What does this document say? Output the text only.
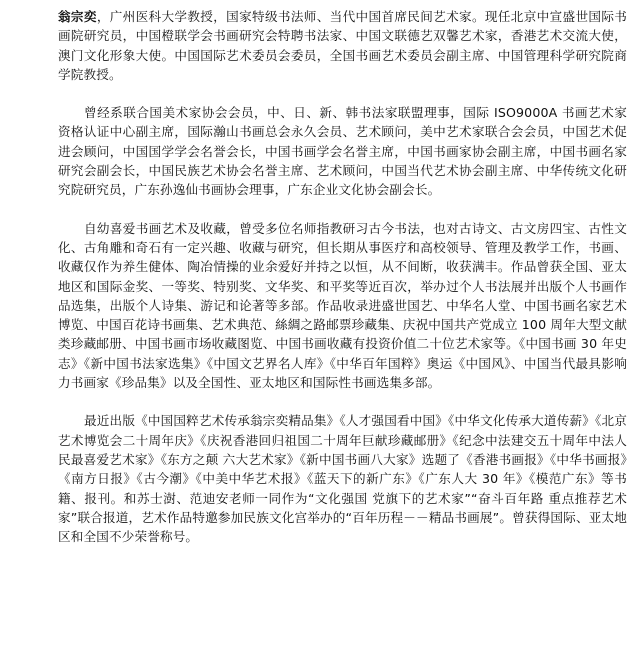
翁宗奕，广州医科大学教授，国家特级书法师、当代中国首席民间艺术家。现任北京中宣盛世国际书画院研究员，中国橙联学会书画研究会特聘书法家、中国文联德艺双馨艺术家，香港艺术交流大使，澳门文化形象大使。中国国际艺术委员会委员，全国书画艺术委员会副主席、中国管理科学研究院商学院教授。

曾经系联合国美术家协会会员，中、日、新、韩书法家联盟理事，国际 ISO9000A 书画艺术家资格认证中心副主席，国际瀚山书画总会永久会员、艺术顾问，美中艺术家联合会会员，中国艺术促进会顾问，中国国学学会名誉会长，中国书画学会名誉主席，中国书画家协会副主席，中国书画名家研究会副会长，中国民族艺术协会名誉主席、艺术顾问，中国当代艺术协会副主席、中华传统文化研究院研究员，广东孙逸仙书画协会理事，广东企业文化协会副会长。

自幼喜爱书画艺术及收藏，曾受多位名师指教研习古今书法，也对古诗文、古文房四宝、古性文化、古角雕和奇石有一定兴趣、收藏与研究，但长期从事医疗和高校领导、管理及教学工作，书画、收藏仅作为养生健体、陶冶情操的业余爱好并持之以恒，从不间断，收获满丰。作品曾获全国、亚太地区和国际金奖、一等奖、特别奖、文华奖、和平奖等近百次，举办过个人书法展并出版个人书画作品选集，出版个人诗集、游记和论著等多部。作品收录进盛世国艺、中华名人堂、中国书画名家艺术博览、中国百花诗书画集、艺术典范、絲綢之路邮票珍藏集、庆祝中国共产党成立 100 周年大型文献类珍藏邮册、中国书画市场收藏图览、中国书画收藏有投资价值二十位艺术家等。《中国书画 30 年史志》《新中国书法家选集》《中国文艺界名人库》《中华百年国粹》奥运《中国风》、中国当代最具影响力书画家《珍品集》以及全国性、亚太地区和国际性书画选集多部。

最近出版《中国国粹艺术传承翁宗奕精品集》《人才强国看中国》《中华文化传承大道传薪》《北京艺术博览会二十周年庆》《庆祝香港回归祖国二十周年巨献珍藏邮册》《纪念中法建交五十周年中法人民最喜爱艺术家》《东方之颠 六大艺术家》《新中国书画八大家》选题了《香港书画报》《中华书画报》《南方日报》《古今潮》《中美中华艺术报》《蓝天下的新广东》《广东人大 30 年》《模范广东》等书籍、报刊。和苏士澍、范迪安老师一同作为“文化强国 党旗下的艺术家”“奋斗百年路 重点推荐艺术家”联合报道，艺术作品特邀参加民族文化宫举办的“百年历程－－精品书画展”。曾获得国际、亚太地区和全国不少荣誉称号。
